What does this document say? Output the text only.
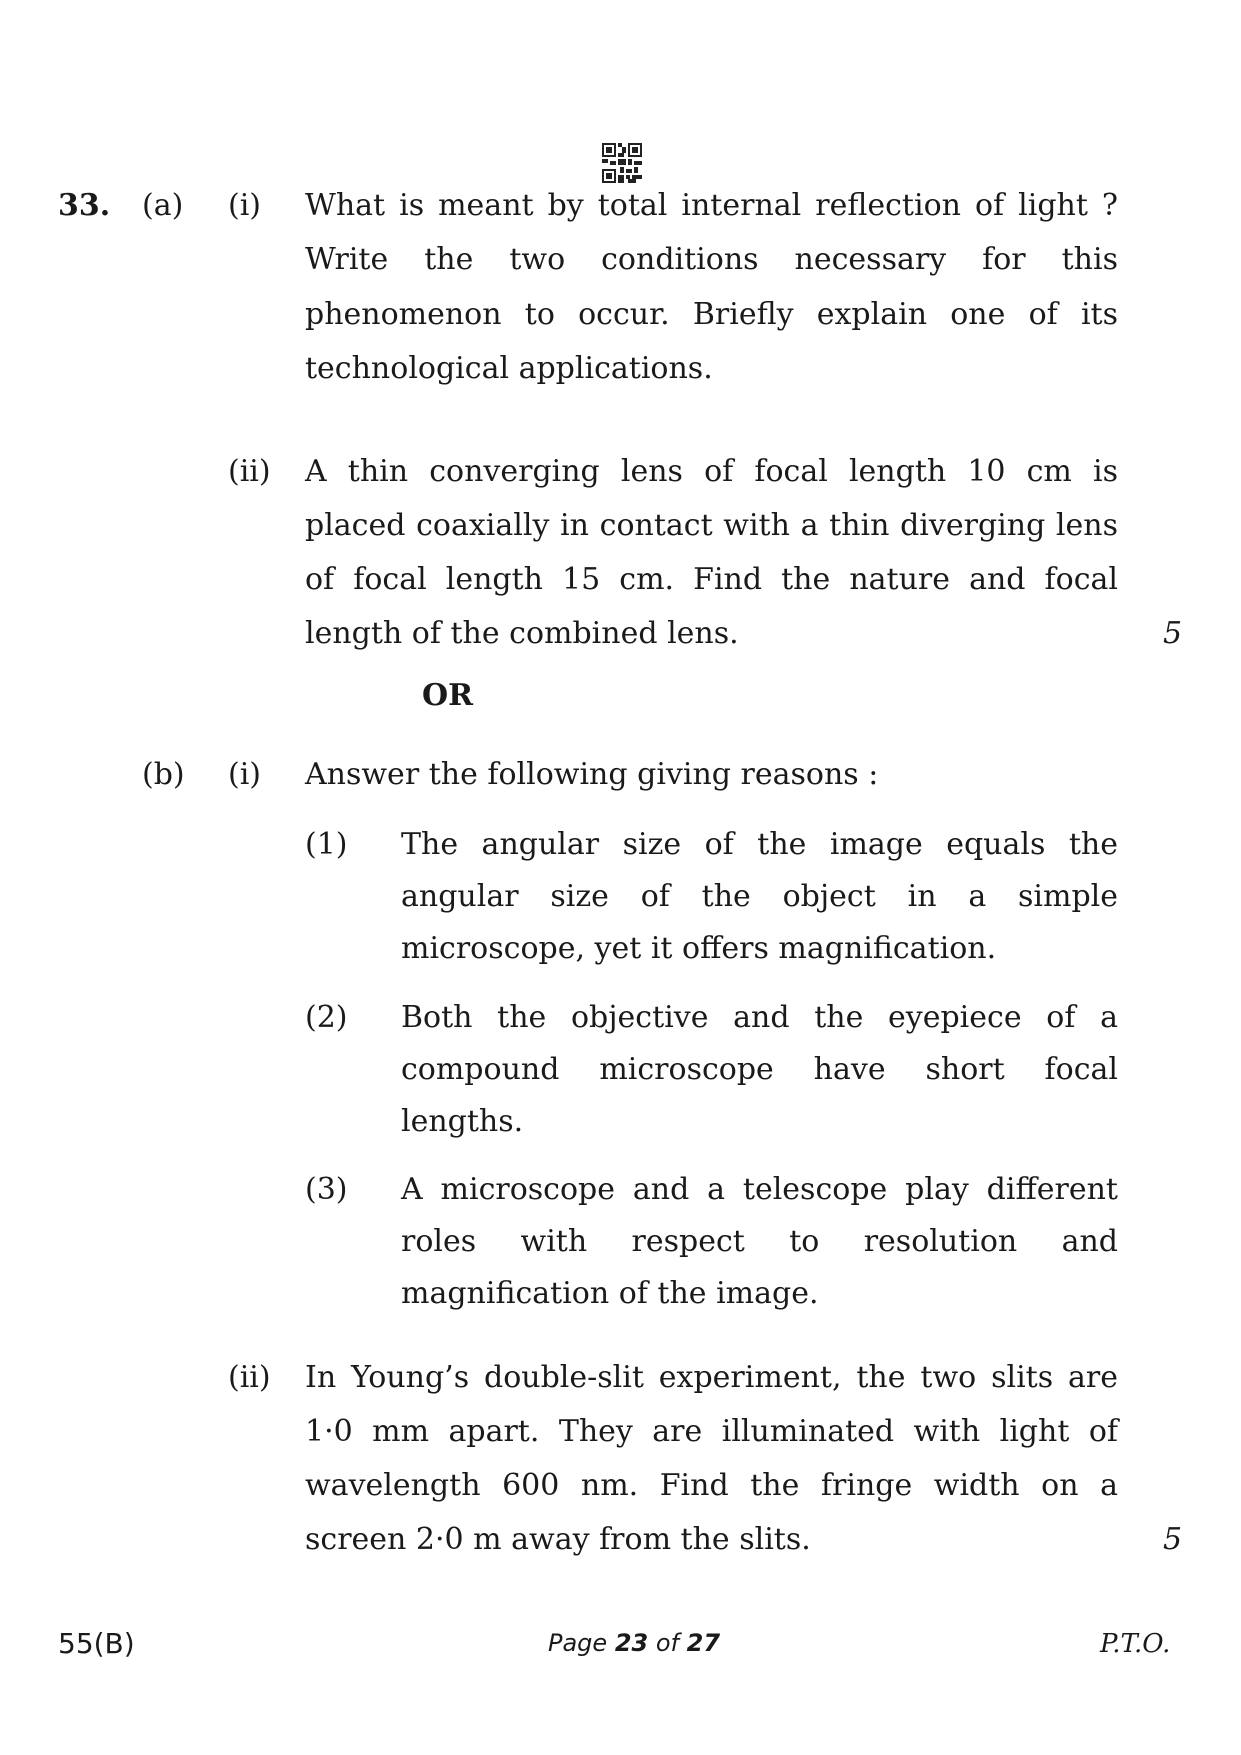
33. (a) (i) What is meant by total internal reflection of light ?
Write the two conditions necessary for this
phenomenon to occur. Briefly explain one of its
technological applications.
(ii) A thin converging lens of focal length 10 cm is
placed coaxially in contact with a thin diverging lens
of focal length 15 cm. Find the nature and focal
length of the combined lens.	5
OR
(b) (i) Answer the following giving reasons :
(1) The angular size of the image equals the
angular size of the object in a simple
microscope, yet it offers magnification.
(2) Both the objective and the eyepiece of a
compound microscope have short focal
lengths.
(3) A microscope and a telescope play different
roles with respect to resolution and
magnification of the image.
(ii) In Young’s double-slit experiment, the two slits are
1·0 mm apart. They are illuminated with light of
wavelength 600 nm. Find the fringe width on a
screen 2·0 m away from the slits.	5
55(B)	Page 23 of 27	P.T.O.
